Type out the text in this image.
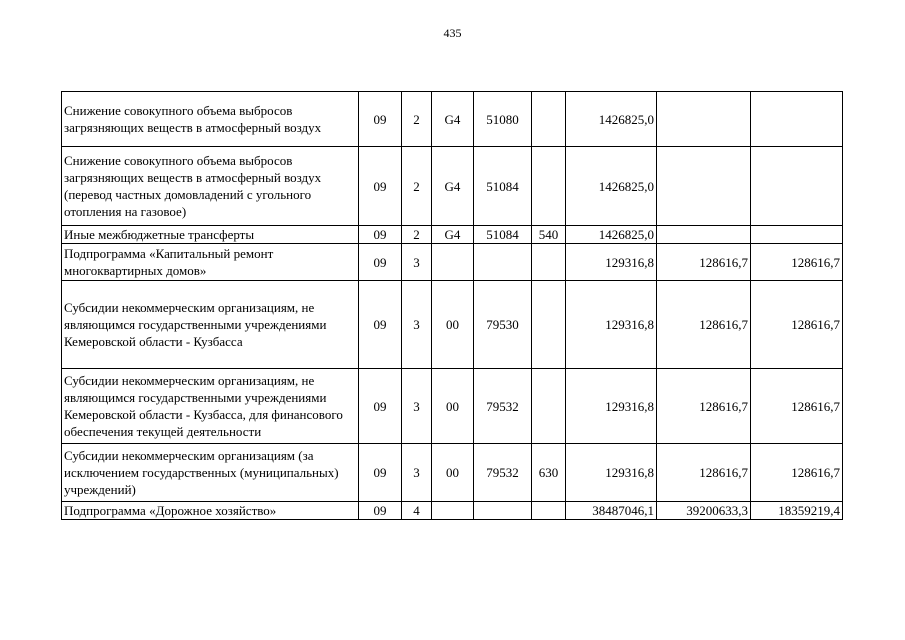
435
Снижение совокупного объема выбросов загрязняющих веществ в атмосферный воздух	09	2	G4	51080		1426825,0		
Снижение совокупного объема выбросов загрязняющих веществ в атмосферный воздух (перевод частных домовладений с угольного отопления на газовое)	09	2	G4	51084		1426825,0		
Иные межбюджетные трансферты	09	2	G4	51084	540	1426825,0		
Подпрограмма «Капитальный ремонт многоквартирных домов»	09	3				129316,8	128616,7	128616,7
Субсидии некоммерческим организациям, не являющимся государственными учреждениями Кемеровской области - Кузбасса	09	3	00	79530		129316,8	128616,7	128616,7
Субсидии некоммерческим организациям, не являющимся государственными учреждениями Кемеровской области - Кузбасса, для финансового обеспечения текущей деятельности	09	3	00	79532		129316,8	128616,7	128616,7
Субсидии некоммерческим организациям (за исключением государственных (муниципальных) учреждений)	09	3	00	79532	630	129316,8	128616,7	128616,7
Подпрограмма «Дорожное хозяйство»	09	4				38487046,1	39200633,3	18359219,4
